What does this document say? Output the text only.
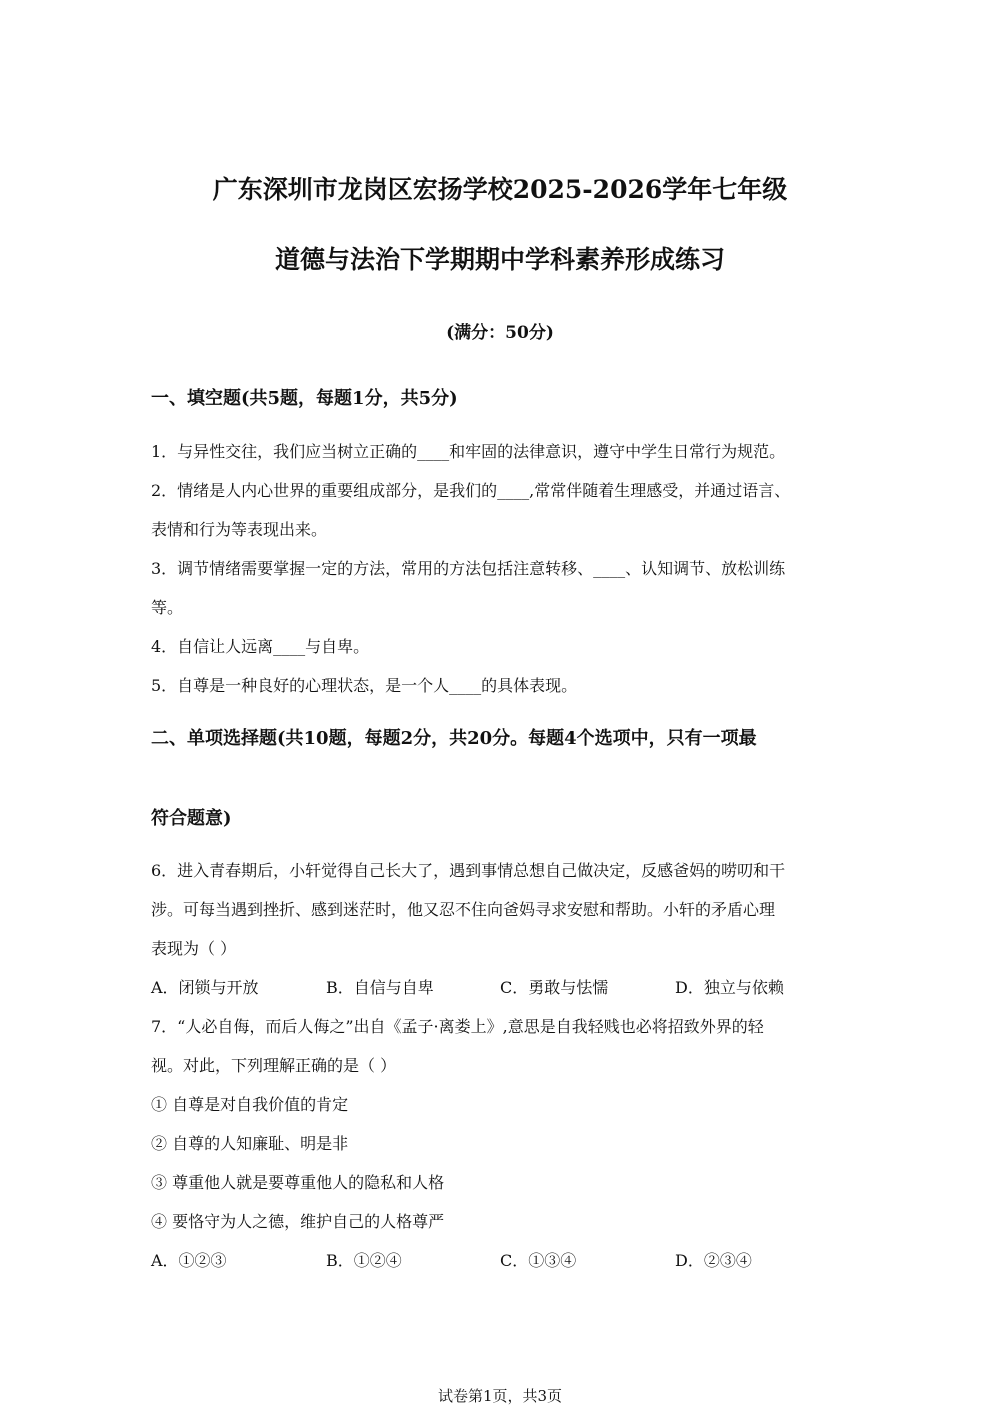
广东深圳市龙岗区宏扬学校2025-2026学年七年级
道德与法治下学期期中学科素养形成练习
(满分：50分)
一、填空题(共5题，每题1分，共5分)
1．与异性交往，我们应当树立正确的____和牢固的法律意识，遵守中学生日常行为规范。
2．情绪是人内心世界的重要组成部分，是我们的____,常常伴随着生理感受，并通过语言、
表情和行为等表现出来。
3．调节情绪需要掌握一定的方法，常用的方法包括注意转移、____、认知调节、放松训练
等。
4．自信让人远离____与自卑。
5．自尊是一种良好的心理状态，是一个人____的具体表现。
二、单项选择题(共10题，每题2分，共20分。每题4个选项中，只有一项最
符合题意)
6．进入青春期后，小轩觉得自己长大了，遇到事情总想自己做决定，反感爸妈的唠叨和干
涉。可每当遇到挫折、感到迷茫时，他又忍不住向爸妈寻求安慰和帮助。小轩的矛盾心理
表现为（ ）
A．闭锁与开放	B．自信与自卑	C．勇敢与怯懦	D．独立与依赖
7．“人必自侮，而后人侮之”出自《孟子·离娄上》,意思是自我轻贱也必将招致外界的轻
视。对此，下列理解正确的是（ ）
① 自尊是对自我价值的肯定
② 自尊的人知廉耻、明是非
③ 尊重他人就是要尊重他人的隐私和人格
④ 要恪守为人之德，维护自己的人格尊严
A．①②③	B．①②④	C．①③④	D．②③④
试卷第1页，共3页
